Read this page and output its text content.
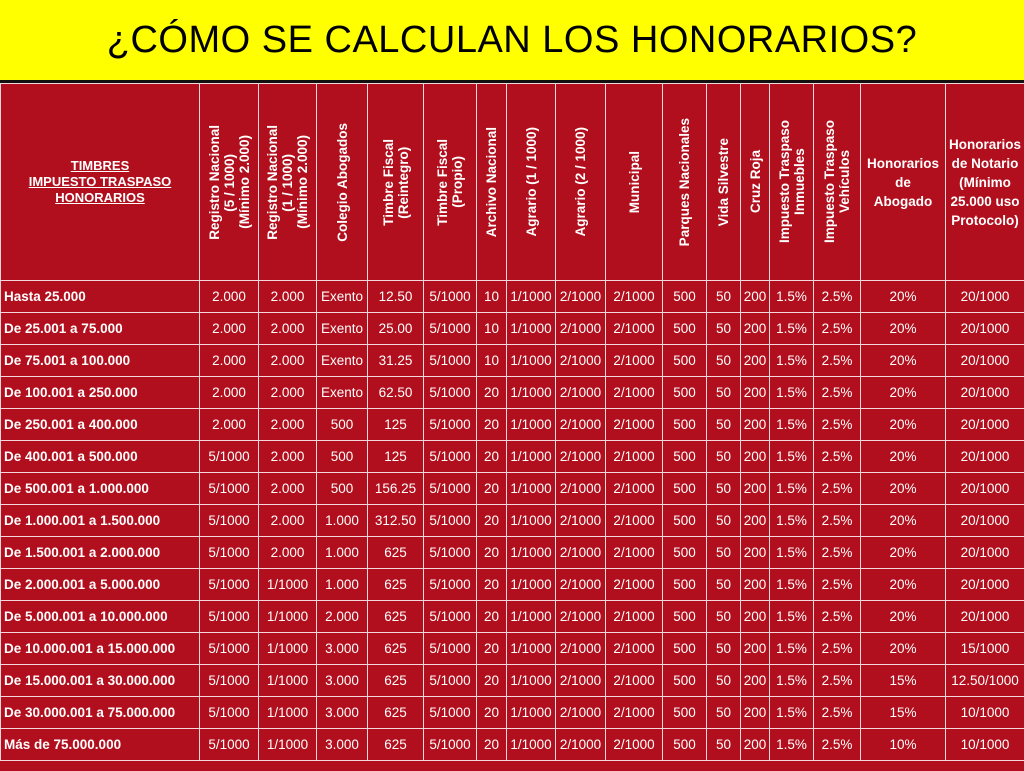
¿CÓMO SE CALCULAN LOS HONORARIOS?
TIMBRES
IMPUESTO TRASPASO
HONORARIOS	Registro Nacional
(5 / 1000)
(Mínimo 2.000)	Registro Nacional
(1 / 1000)
(Mínimo 2.000)	Colegio Abogados	Timbre Fiscal
(Reintegro)	Timbre Fiscal
(Propio)	Archivo Nacional	Agrario (1 / 1000)	Agrario (2 / 1000)	Municipal	Parques Nacionales	Vida Silvestre	Cruz Roja	Impuesto Traspaso
Inmuebles	Impuesto Traspaso
Vehículos	Honorarios
de
Abogado	Honorarios
de Notario
(Mínimo
25.000 uso
Protocolo)

Hasta 25.000	2.000	2.000	Exento	12.50	5/1000	10	1/1000	2/1000	2/1000	500	50	200	1.5%	2.5%	20%	20/1000
De 25.001 a 75.000	2.000	2.000	Exento	25.00	5/1000	10	1/1000	2/1000	2/1000	500	50	200	1.5%	2.5%	20%	20/1000
De 75.001 a 100.000	2.000	2.000	Exento	31.25	5/1000	10	1/1000	2/1000	2/1000	500	50	200	1.5%	2.5%	20%	20/1000
De 100.001 a 250.000	2.000	2.000	Exento	62.50	5/1000	20	1/1000	2/1000	2/1000	500	50	200	1.5%	2.5%	20%	20/1000
De 250.001 a 400.000	2.000	2.000	500	125	5/1000	20	1/1000	2/1000	2/1000	500	50	200	1.5%	2.5%	20%	20/1000
De 400.001 a 500.000	5/1000	2.000	500	125	5/1000	20	1/1000	2/1000	2/1000	500	50	200	1.5%	2.5%	20%	20/1000
De 500.001 a 1.000.000	5/1000	2.000	500	156.25	5/1000	20	1/1000	2/1000	2/1000	500	50	200	1.5%	2.5%	20%	20/1000
De 1.000.001 a 1.500.000	5/1000	2.000	1.000	312.50	5/1000	20	1/1000	2/1000	2/1000	500	50	200	1.5%	2.5%	20%	20/1000
De 1.500.001 a 2.000.000	5/1000	2.000	1.000	625	5/1000	20	1/1000	2/1000	2/1000	500	50	200	1.5%	2.5%	20%	20/1000
De 2.000.001 a 5.000.000	5/1000	1/1000	1.000	625	5/1000	20	1/1000	2/1000	2/1000	500	50	200	1.5%	2.5%	20%	20/1000
De 5.000.001 a 10.000.000	5/1000	1/1000	2.000	625	5/1000	20	1/1000	2/1000	2/1000	500	50	200	1.5%	2.5%	20%	20/1000
De 10.000.001 a 15.000.000	5/1000	1/1000	3.000	625	5/1000	20	1/1000	2/1000	2/1000	500	50	200	1.5%	2.5%	20%	15/1000
De 15.000.001 a 30.000.000	5/1000	1/1000	3.000	625	5/1000	20	1/1000	2/1000	2/1000	500	50	200	1.5%	2.5%	15%	12.50/1000
De 30.000.001 a 75.000.000	5/1000	1/1000	3.000	625	5/1000	20	1/1000	2/1000	2/1000	500	50	200	1.5%	2.5%	15%	10/1000
Más de 75.000.000	5/1000	1/1000	3.000	625	5/1000	20	1/1000	2/1000	2/1000	500	50	200	1.5%	2.5%	10%	10/1000
